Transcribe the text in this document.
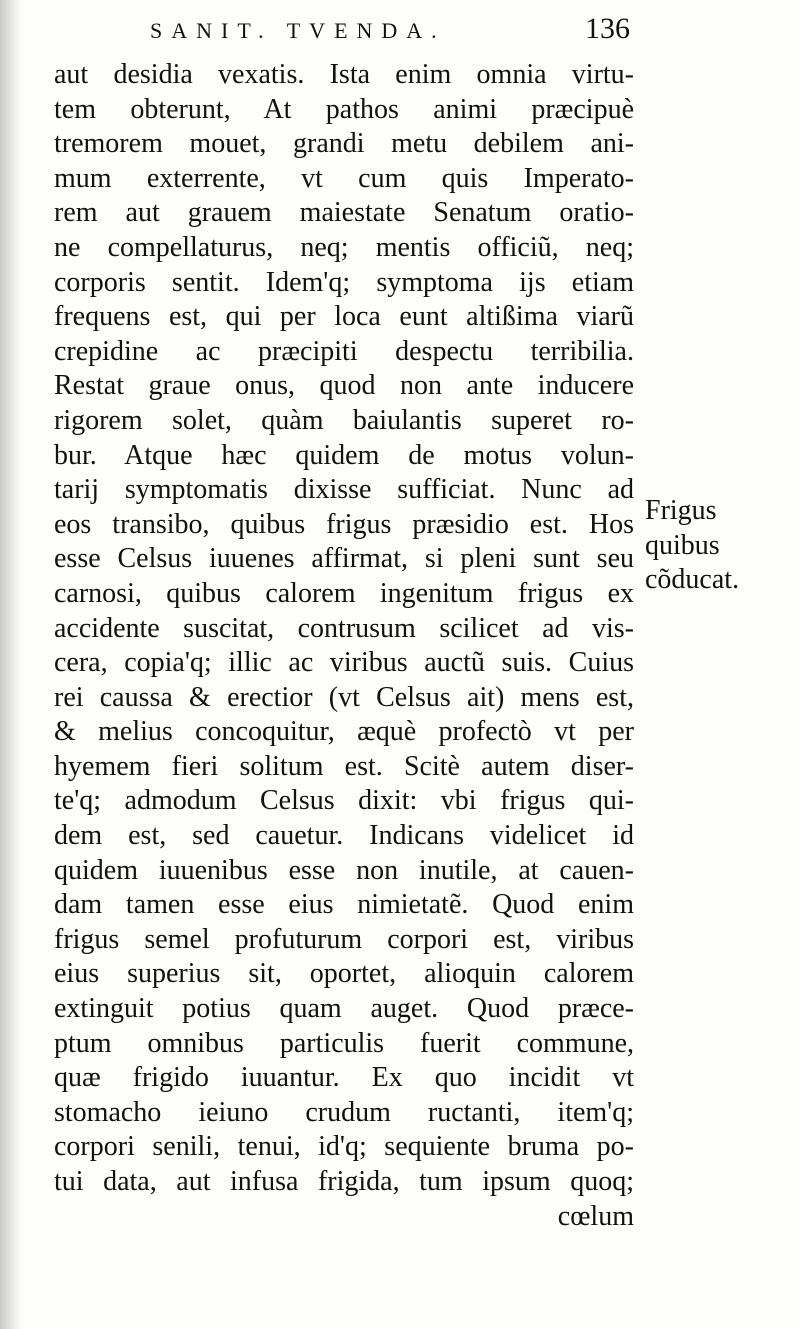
SANIT. TVENDA.	136
aut desidia vexatis. Ista enim omnia virtu-
tem obterunt, At pathos animi præcipuè
tremorem mouet, grandi metu debilem ani-
mum exterrente, vt cum quis Imperato-
rem aut grauem maiestate Senatum oratio-
ne compellaturus, neq; mentis officiũ, neq;
corporis sentit. Idem'q; symptoma ijs etiam
frequens est, qui per loca eunt altißima viarũ
crepidine ac præcipiti despectu terribilia.
Restat graue onus, quod non ante inducere
rigorem solet, quàm baiulantis superet ro-
bur. Atque hæc quidem de motus volun-
tarij symptomatis dixisse sufficiat. Nunc ad
eos transibo, quibus frigus præsidio est. Hos
esse Celsus iuuenes affirmat, si pleni sunt seu
carnosi, quibus calorem ingenitum frigus ex
accidente suscitat, contrusum scilicet ad vis-
cera, copia'q; illic ac viribus auctũ suis. Cuius
rei caussa & erectior (vt Celsus ait) mens est,
& melius concoquitur, æquè profectò vt per
hyemem fieri solitum est. Scitè autem diser-
te'q; admodum Celsus dixit: vbi frigus qui-
dem est, sed cauetur. Indicans videlicet id
quidem iuuenibus esse non inutile, at cauen-
dam tamen esse eius nimietatẽ. Quod enim
frigus semel profuturum corpori est, viribus
eius superius sit, oportet, alioquin calorem
extinguit potius quam auget. Quod præce-
ptum omnibus particulis fuerit commune,
quæ frigido iuuantur. Ex quo incidit vt
stomacho ieiuno crudum ructanti, item'q;
corpori senili, tenui, id'q; sequiente bruma po-
tui data, aut infusa frigida, tum ipsum quoq;
cœlum
Frigus
quibus
cõducat.
